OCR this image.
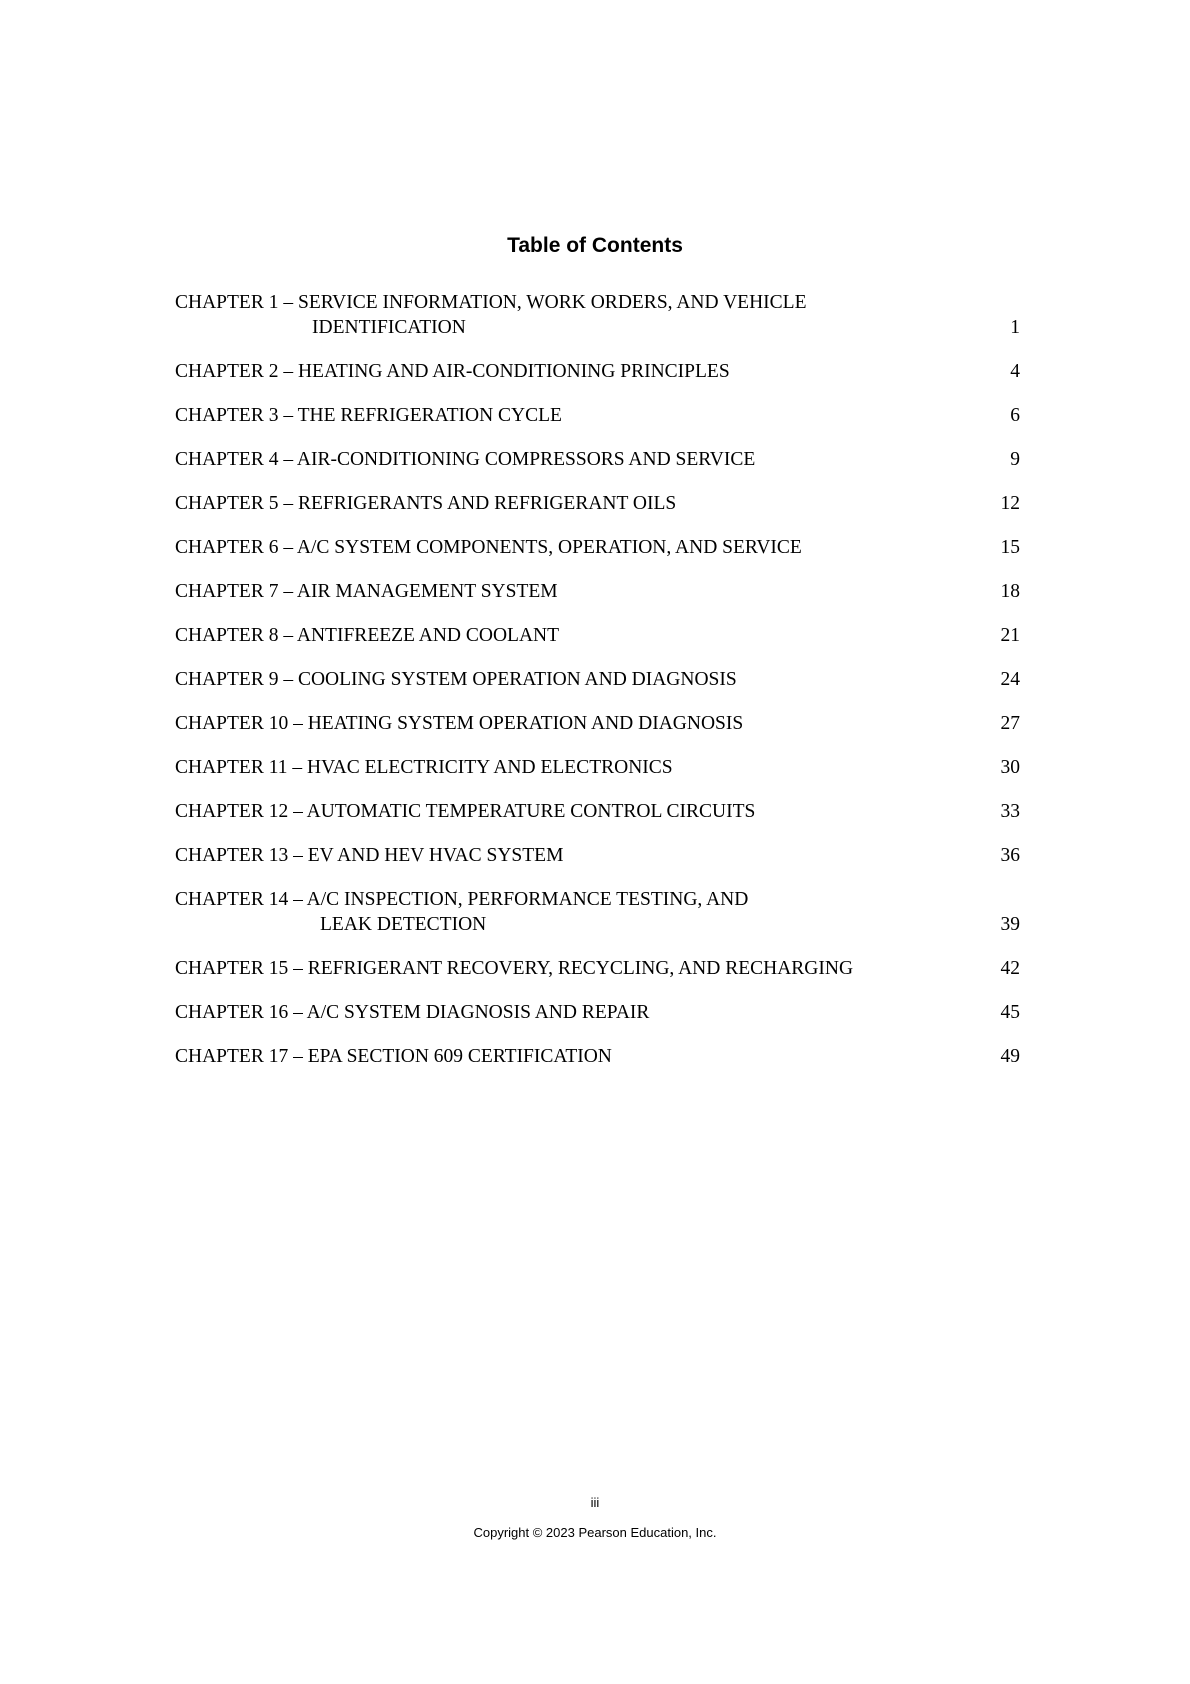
Table of Contents
CHAPTER 1 – SERVICE INFORMATION, WORK ORDERS, AND VEHICLE
IDENTIFICATION	1
CHAPTER 2 – HEATING AND AIR-CONDITIONING PRINCIPLES	4
CHAPTER 3 – THE REFRIGERATION CYCLE	6
CHAPTER 4 – AIR-CONDITIONING COMPRESSORS AND SERVICE	9
CHAPTER 5 – REFRIGERANTS AND REFRIGERANT OILS	12
CHAPTER 6 – A/C SYSTEM COMPONENTS, OPERATION, AND SERVICE	15
CHAPTER 7 – AIR MANAGEMENT SYSTEM	18
CHAPTER 8 – ANTIFREEZE AND COOLANT	21
CHAPTER 9 – COOLING SYSTEM OPERATION AND DIAGNOSIS	24
CHAPTER 10 – HEATING SYSTEM OPERATION AND DIAGNOSIS	27
CHAPTER 11 – HVAC ELECTRICITY AND ELECTRONICS	30
CHAPTER 12 – AUTOMATIC TEMPERATURE CONTROL CIRCUITS	33
CHAPTER 13 – EV AND HEV HVAC SYSTEM	36
CHAPTER 14 – A/C INSPECTION, PERFORMANCE TESTING, AND
LEAK DETECTION	39
CHAPTER 15 – REFRIGERANT RECOVERY, RECYCLING, AND RECHARGING	42
CHAPTER 16 – A/C SYSTEM DIAGNOSIS AND REPAIR	45
CHAPTER 17 – EPA SECTION 609 CERTIFICATION	49
iii
Copyright © 2023 Pearson Education, Inc.
